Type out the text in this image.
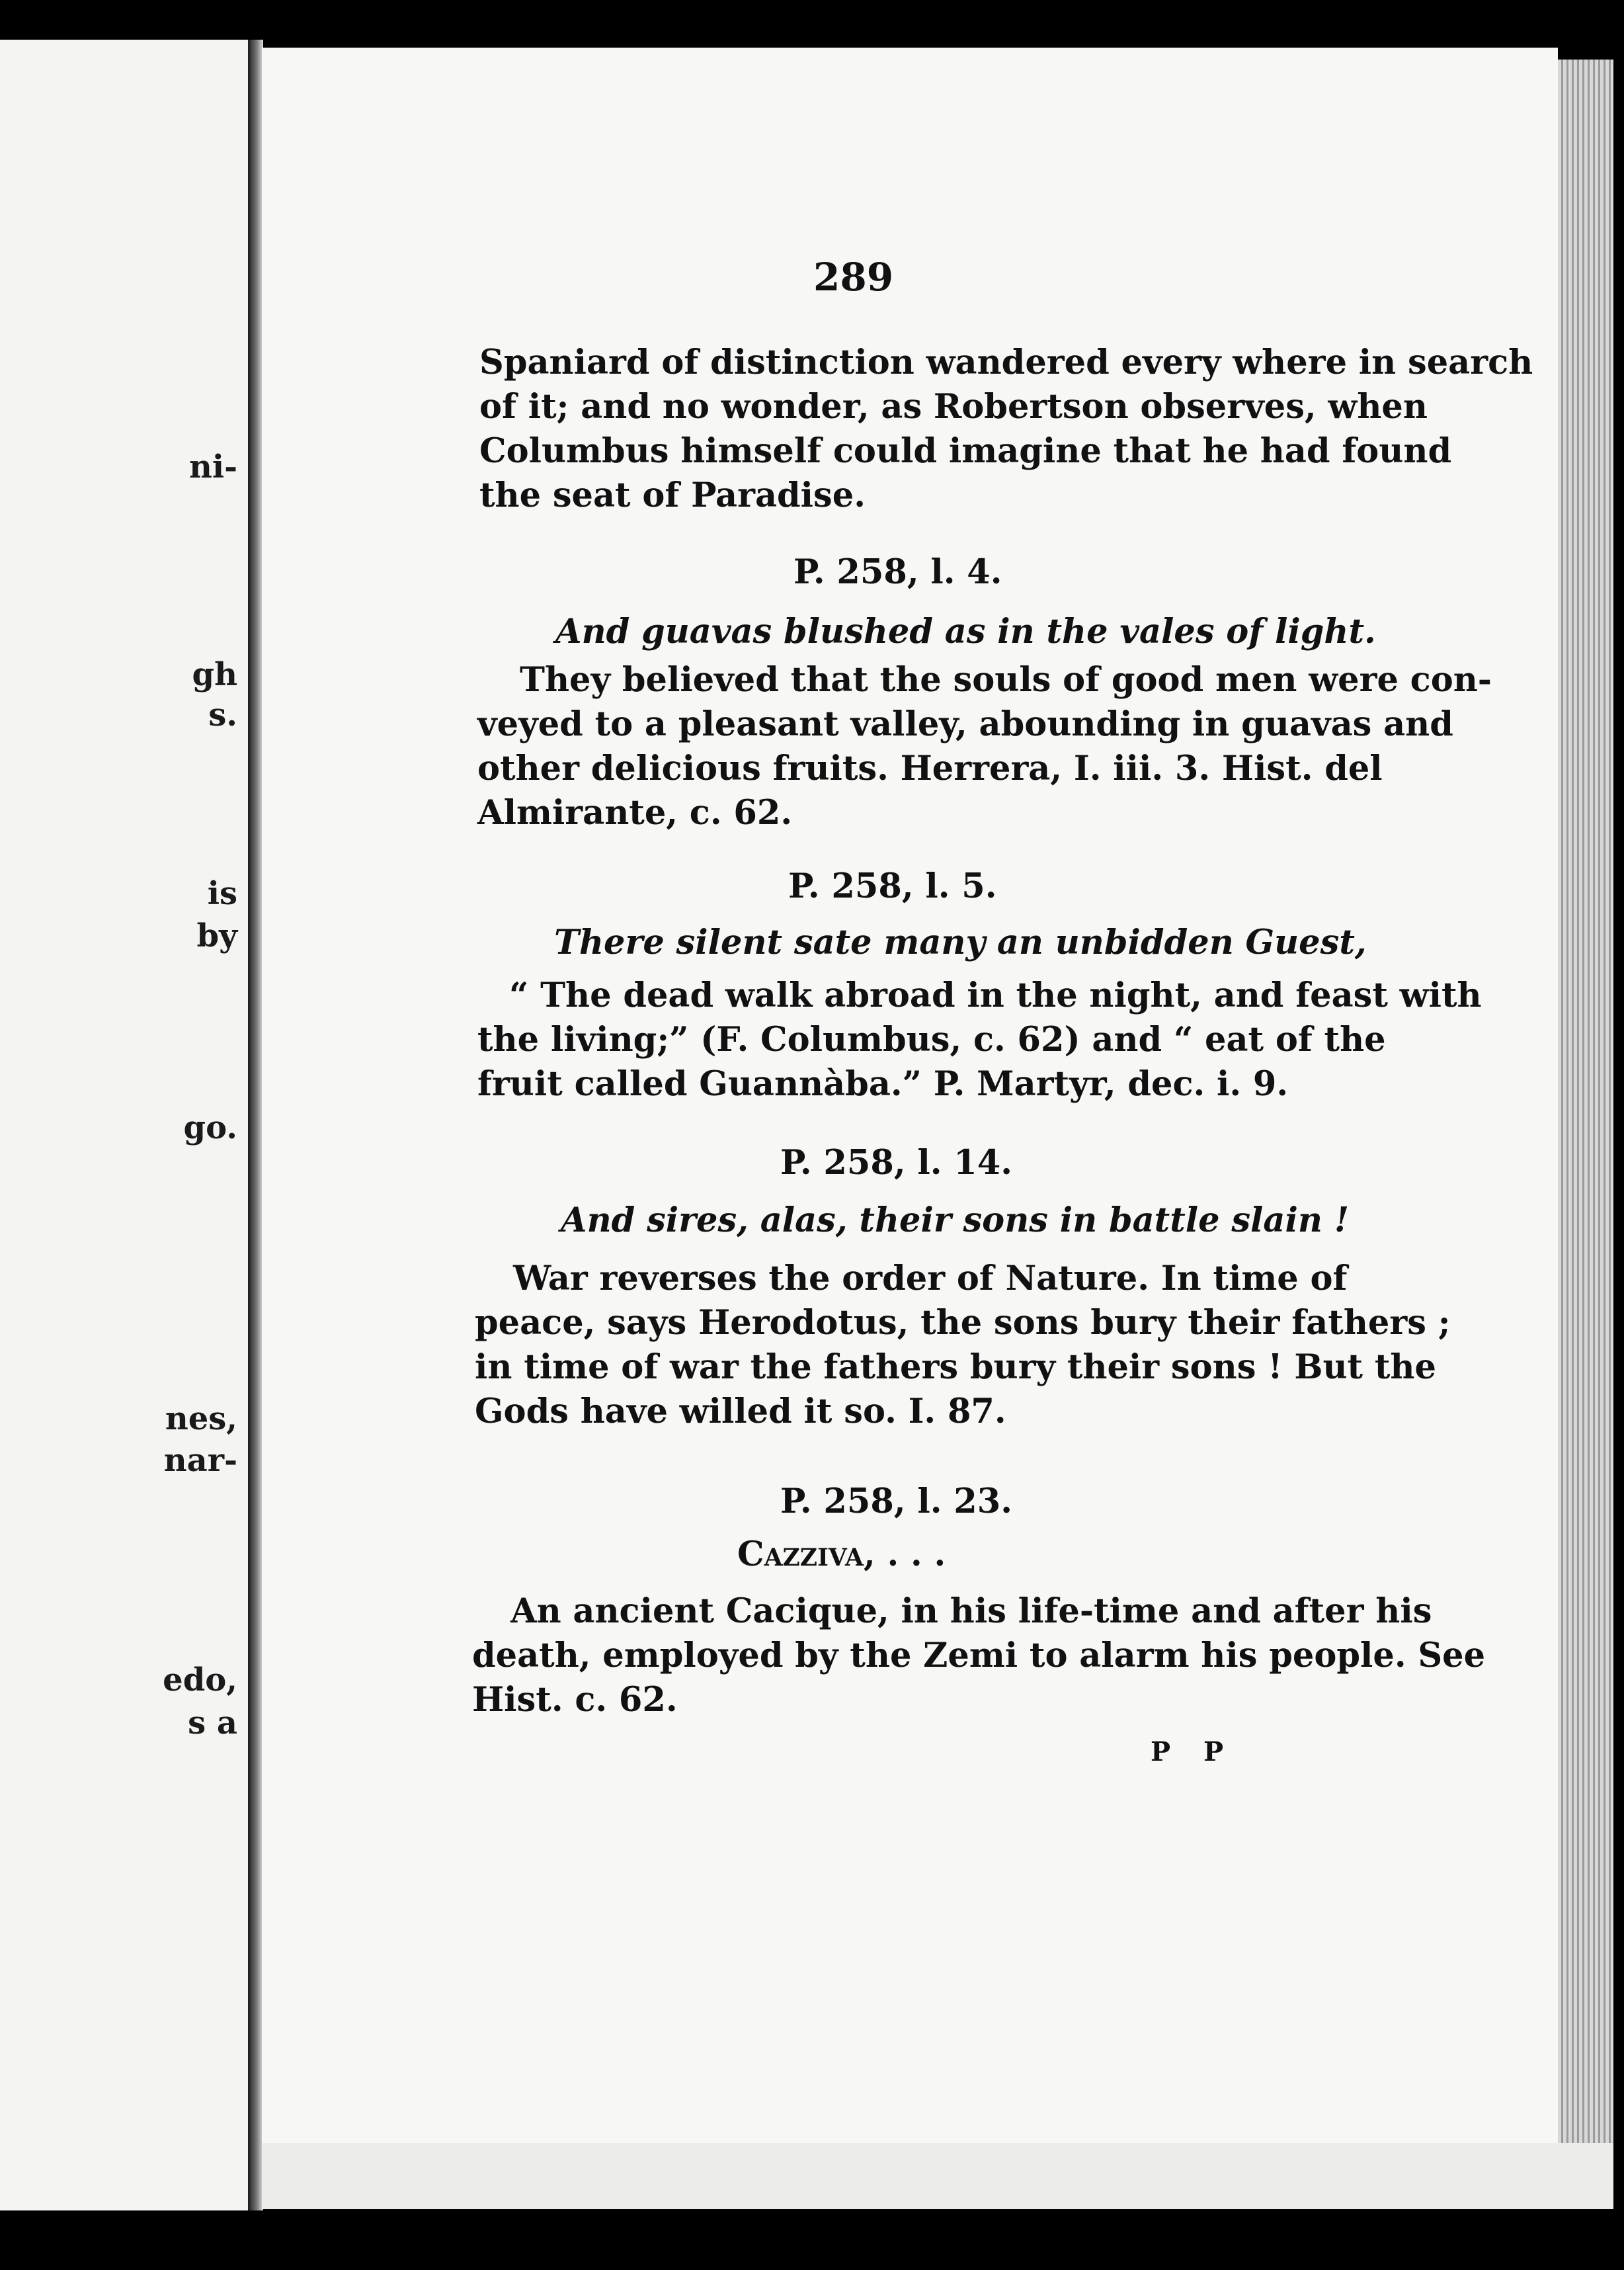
ni-
gh
s.
is
by
go.
nes,
nar-
edo,
s a
289
Spaniard of distinction wandered every where in search
of it; and no wonder, as Robertson observes, when
Columbus himself could imagine that he had found
the seat of Paradise.
P. 258, l. 4.
And guavas blushed as in the vales of light.
They believed that the souls of good men were con-
veyed to a pleasant valley, abounding in guavas and
other delicious fruits. Herrera, I. iii. 3. Hist. del
Almirante, c. 62.
P. 258, l. 5.
There silent sate many an unbidden Guest,
“ The dead walk abroad in the night, and feast with
the living;” (F. Columbus, c. 62) and “ eat of the
fruit called Guannàba.” P. Martyr, dec. i. 9.
P. 258, l. 14.
And sires, alas, their sons in battle slain !
War reverses the order of Nature. In time of
peace, says Herodotus, the sons bury their fathers ;
in time of war the fathers bury their sons ! But the
Gods have willed it so. I. 87.
P. 258, l. 23.
Cazziva, . . .
An ancient Cacique, in his life-time and after his
death, employed by the Zemi to alarm his people. See
Hist. c. 62.
P P
